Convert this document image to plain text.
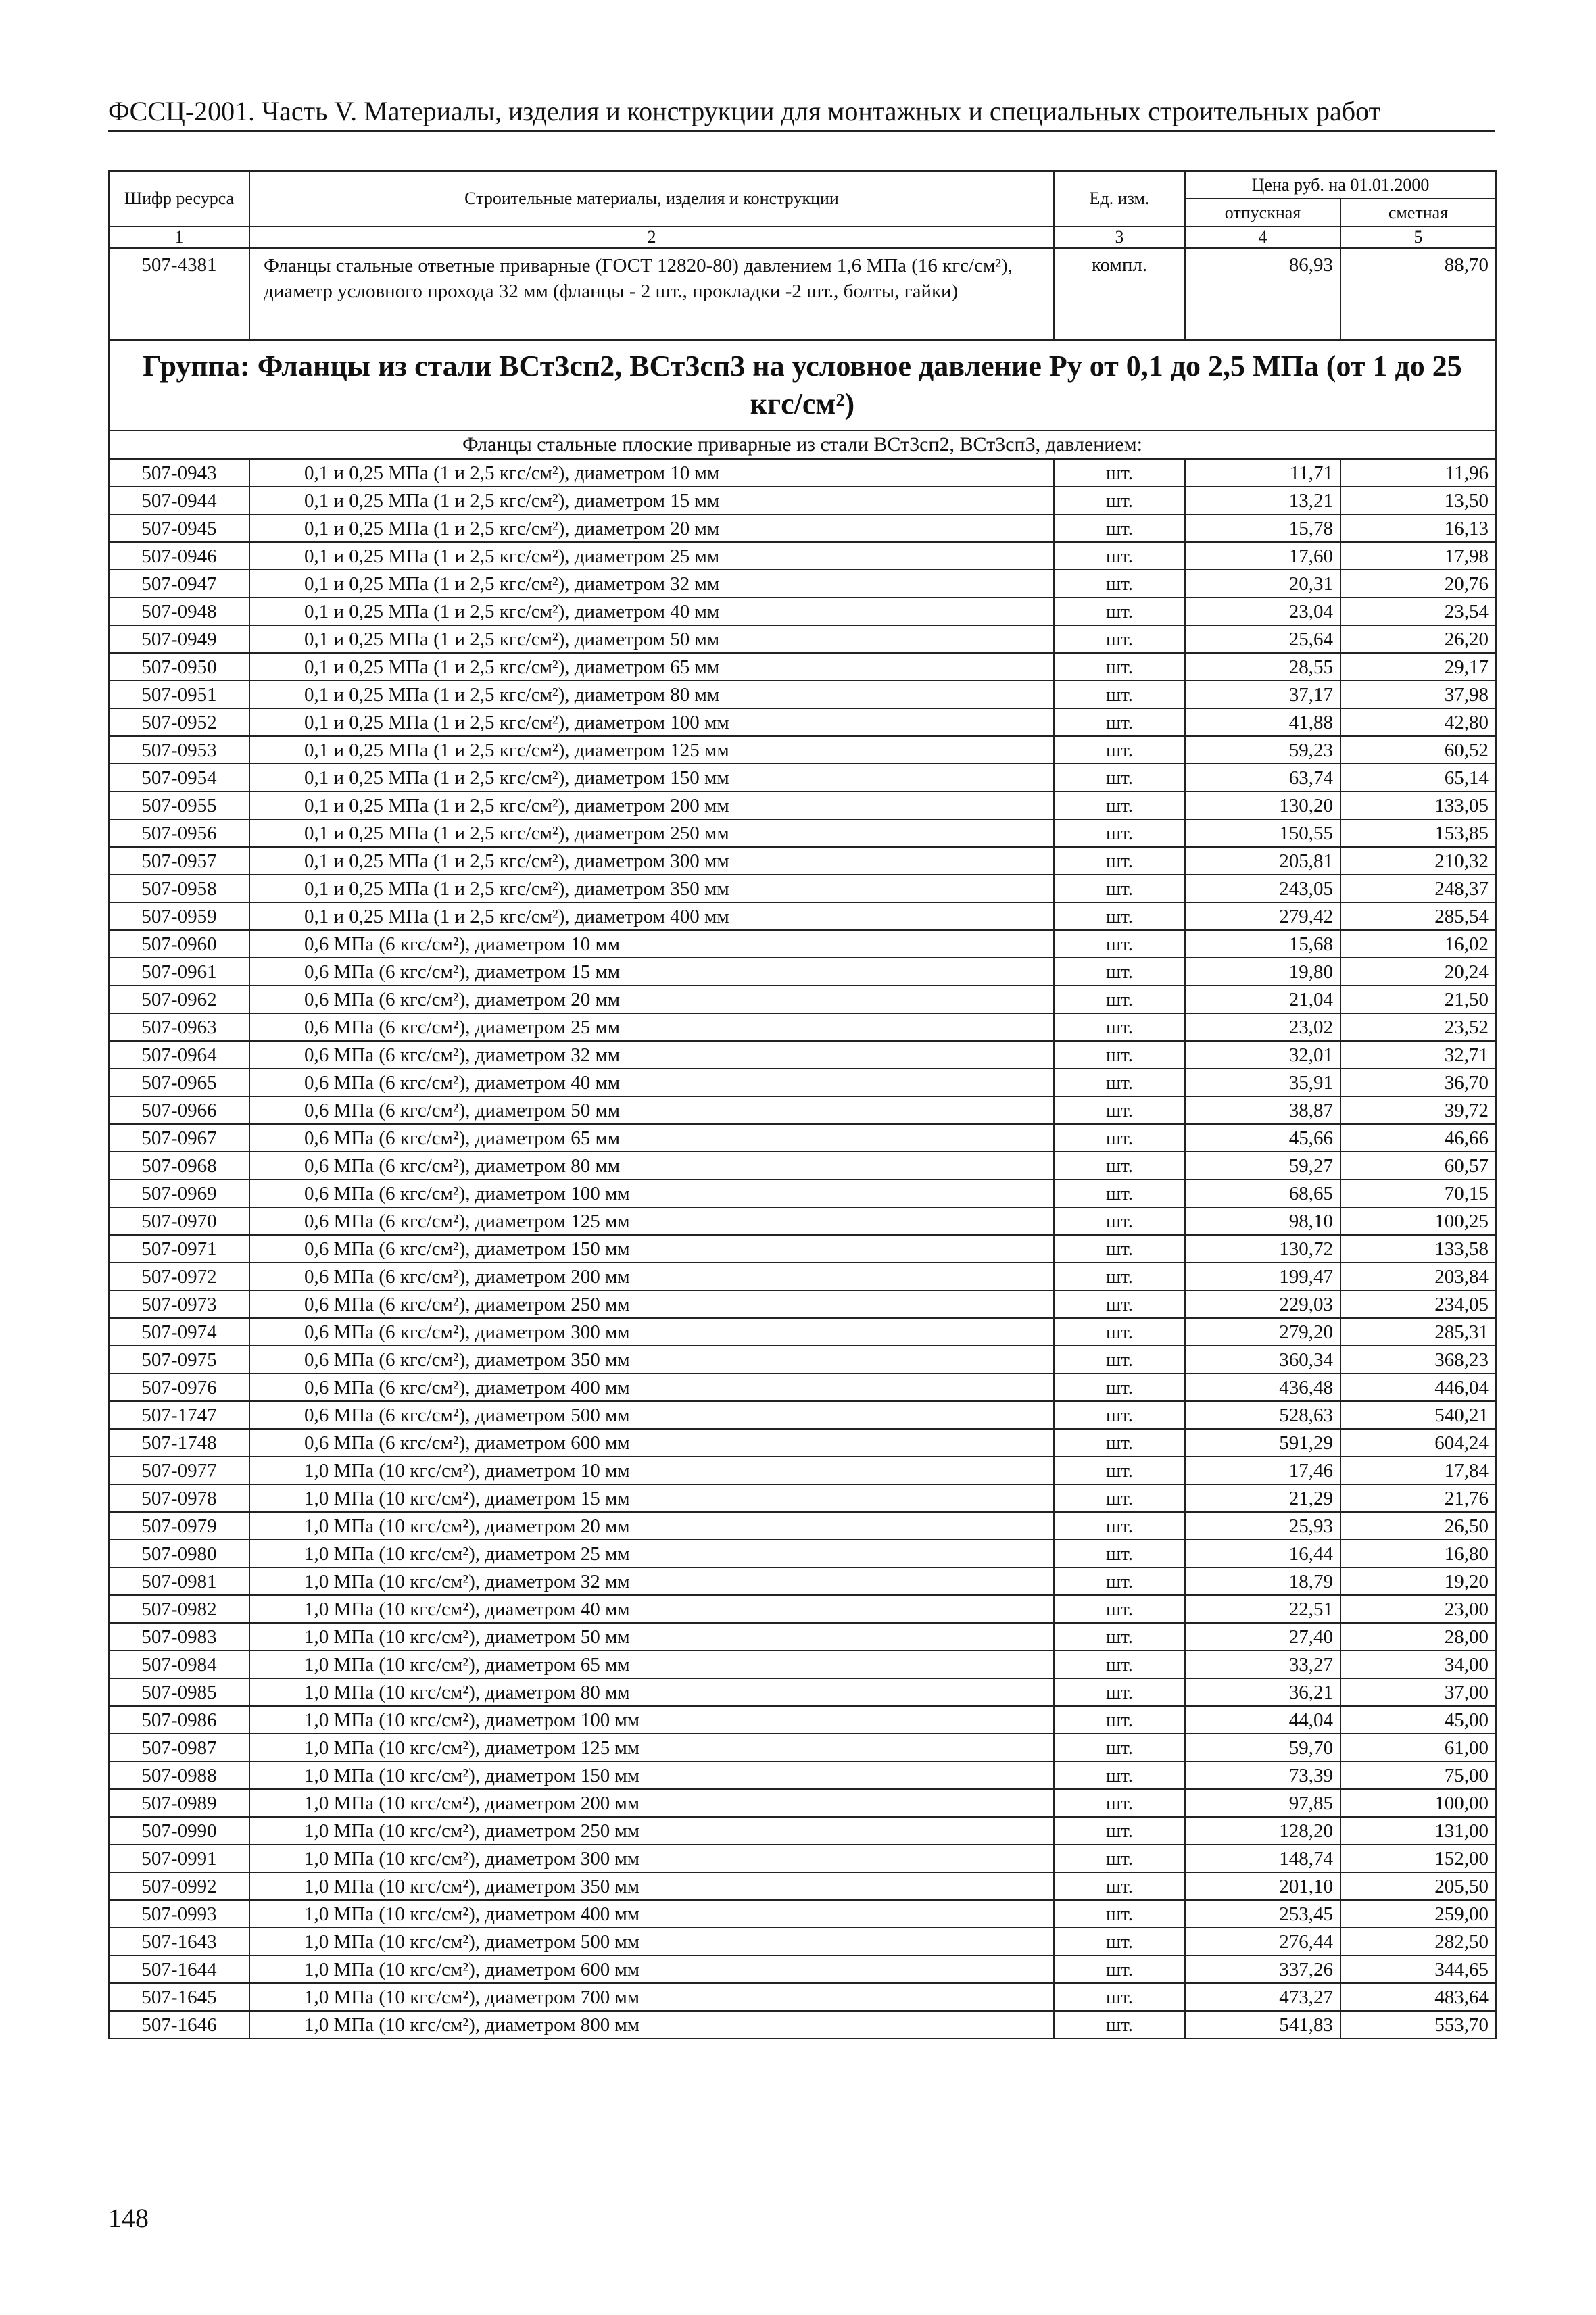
ФССЦ-2001. Часть V. Материалы, изделия и конструкции для монтажных и специальных строительных работ
Шифр ресурса	Строительные материалы, изделия и конструкции	Ед. изм.	Цена руб. на 01.01.2000	
			отпускная	сметная
1	2	3	4	5
507-4381	Фланцы стальные ответные приварные (ГОСТ 12820-80) давлением 1,6 МПа (16 кгс/см²), диаметр условного прохода 32 мм (фланцы - 2 шт., прокладки -2 шт., болты, гайки)	компл.	86,93	88,70
Группа: Фланцы из стали ВСт3сп2, ВСт3сп3 на условное давление Ру от 0,1 до 2,5 МПа (от 1 до 25 кгс/см²)				
Фланцы стальные плоские приварные из стали ВСт3сп2, ВСт3сп3, давлением:				
507-0943	0,1 и 0,25 МПа (1 и 2,5 кгс/см²), диаметром 10 мм	шт.	11,71	11,96
507-0944	0,1 и 0,25 МПа (1 и 2,5 кгс/см²), диаметром 15 мм	шт.	13,21	13,50
507-0945	0,1 и 0,25 МПа (1 и 2,5 кгс/см²), диаметром 20 мм	шт.	15,78	16,13
507-0946	0,1 и 0,25 МПа (1 и 2,5 кгс/см²), диаметром 25 мм	шт.	17,60	17,98
507-0947	0,1 и 0,25 МПа (1 и 2,5 кгс/см²), диаметром 32 мм	шт.	20,31	20,76
507-0948	0,1 и 0,25 МПа (1 и 2,5 кгс/см²), диаметром 40 мм	шт.	23,04	23,54
507-0949	0,1 и 0,25 МПа (1 и 2,5 кгс/см²), диаметром 50 мм	шт.	25,64	26,20
507-0950	0,1 и 0,25 МПа (1 и 2,5 кгс/см²), диаметром 65 мм	шт.	28,55	29,17
507-0951	0,1 и 0,25 МПа (1 и 2,5 кгс/см²), диаметром 80 мм	шт.	37,17	37,98
507-0952	0,1 и 0,25 МПа (1 и 2,5 кгс/см²), диаметром 100 мм	шт.	41,88	42,80
507-0953	0,1 и 0,25 МПа (1 и 2,5 кгс/см²), диаметром 125 мм	шт.	59,23	60,52
507-0954	0,1 и 0,25 МПа (1 и 2,5 кгс/см²), диаметром 150 мм	шт.	63,74	65,14
507-0955	0,1 и 0,25 МПа (1 и 2,5 кгс/см²), диаметром 200 мм	шт.	130,20	133,05
507-0956	0,1 и 0,25 МПа (1 и 2,5 кгс/см²), диаметром 250 мм	шт.	150,55	153,85
507-0957	0,1 и 0,25 МПа (1 и 2,5 кгс/см²), диаметром 300 мм	шт.	205,81	210,32
507-0958	0,1 и 0,25 МПа (1 и 2,5 кгс/см²), диаметром 350 мм	шт.	243,05	248,37
507-0959	0,1 и 0,25 МПа (1 и 2,5 кгс/см²), диаметром 400 мм	шт.	279,42	285,54
507-0960	0,6 МПа (6 кгс/см²), диаметром 10 мм	шт.	15,68	16,02
507-0961	0,6 МПа (6 кгс/см²), диаметром 15 мм	шт.	19,80	20,24
507-0962	0,6 МПа (6 кгс/см²), диаметром 20 мм	шт.	21,04	21,50
507-0963	0,6 МПа (6 кгс/см²), диаметром 25 мм	шт.	23,02	23,52
507-0964	0,6 МПа (6 кгс/см²), диаметром 32 мм	шт.	32,01	32,71
507-0965	0,6 МПа (6 кгс/см²), диаметром 40 мм	шт.	35,91	36,70
507-0966	0,6 МПа (6 кгс/см²), диаметром 50 мм	шт.	38,87	39,72
507-0967	0,6 МПа (6 кгс/см²), диаметром 65 мм	шт.	45,66	46,66
507-0968	0,6 МПа (6 кгс/см²), диаметром 80 мм	шт.	59,27	60,57
507-0969	0,6 МПа (6 кгс/см²), диаметром 100 мм	шт.	68,65	70,15
507-0970	0,6 МПа (6 кгс/см²), диаметром 125 мм	шт.	98,10	100,25
507-0971	0,6 МПа (6 кгс/см²), диаметром 150 мм	шт.	130,72	133,58
507-0972	0,6 МПа (6 кгс/см²), диаметром 200 мм	шт.	199,47	203,84
507-0973	0,6 МПа (6 кгс/см²), диаметром 250 мм	шт.	229,03	234,05
507-0974	0,6 МПа (6 кгс/см²), диаметром 300 мм	шт.	279,20	285,31
507-0975	0,6 МПа (6 кгс/см²), диаметром 350 мм	шт.	360,34	368,23
507-0976	0,6 МПа (6 кгс/см²), диаметром 400 мм	шт.	436,48	446,04
507-1747	0,6 МПа (6 кгс/см²), диаметром 500 мм	шт.	528,63	540,21
507-1748	0,6 МПа (6 кгс/см²), диаметром 600 мм	шт.	591,29	604,24
507-0977	1,0 МПа (10 кгс/см²), диаметром 10 мм	шт.	17,46	17,84
507-0978	1,0 МПа (10 кгс/см²), диаметром 15 мм	шт.	21,29	21,76
507-0979	1,0 МПа (10 кгс/см²), диаметром 20 мм	шт.	25,93	26,50
507-0980	1,0 МПа (10 кгс/см²), диаметром 25 мм	шт.	16,44	16,80
507-0981	1,0 МПа (10 кгс/см²), диаметром 32 мм	шт.	18,79	19,20
507-0982	1,0 МПа (10 кгс/см²), диаметром 40 мм	шт.	22,51	23,00
507-0983	1,0 МПа (10 кгс/см²), диаметром 50 мм	шт.	27,40	28,00
507-0984	1,0 МПа (10 кгс/см²), диаметром 65 мм	шт.	33,27	34,00
507-0985	1,0 МПа (10 кгс/см²), диаметром 80 мм	шт.	36,21	37,00
507-0986	1,0 МПа (10 кгс/см²), диаметром 100 мм	шт.	44,04	45,00
507-0987	1,0 МПа (10 кгс/см²), диаметром 125 мм	шт.	59,70	61,00
507-0988	1,0 МПа (10 кгс/см²), диаметром 150 мм	шт.	73,39	75,00
507-0989	1,0 МПа (10 кгс/см²), диаметром 200 мм	шт.	97,85	100,00
507-0990	1,0 МПа (10 кгс/см²), диаметром 250 мм	шт.	128,20	131,00
507-0991	1,0 МПа (10 кгс/см²), диаметром 300 мм	шт.	148,74	152,00
507-0992	1,0 МПа (10 кгс/см²), диаметром 350 мм	шт.	201,10	205,50
507-0993	1,0 МПа (10 кгс/см²), диаметром 400 мм	шт.	253,45	259,00
507-1643	1,0 МПа (10 кгс/см²), диаметром 500 мм	шт.	276,44	282,50
507-1644	1,0 МПа (10 кгс/см²), диаметром 600 мм	шт.	337,26	344,65
507-1645	1,0 МПа (10 кгс/см²), диаметром 700 мм	шт.	473,27	483,64
507-1646	1,0 МПа (10 кгс/см²), диаметром 800 мм	шт.	541,83	553,70
148
